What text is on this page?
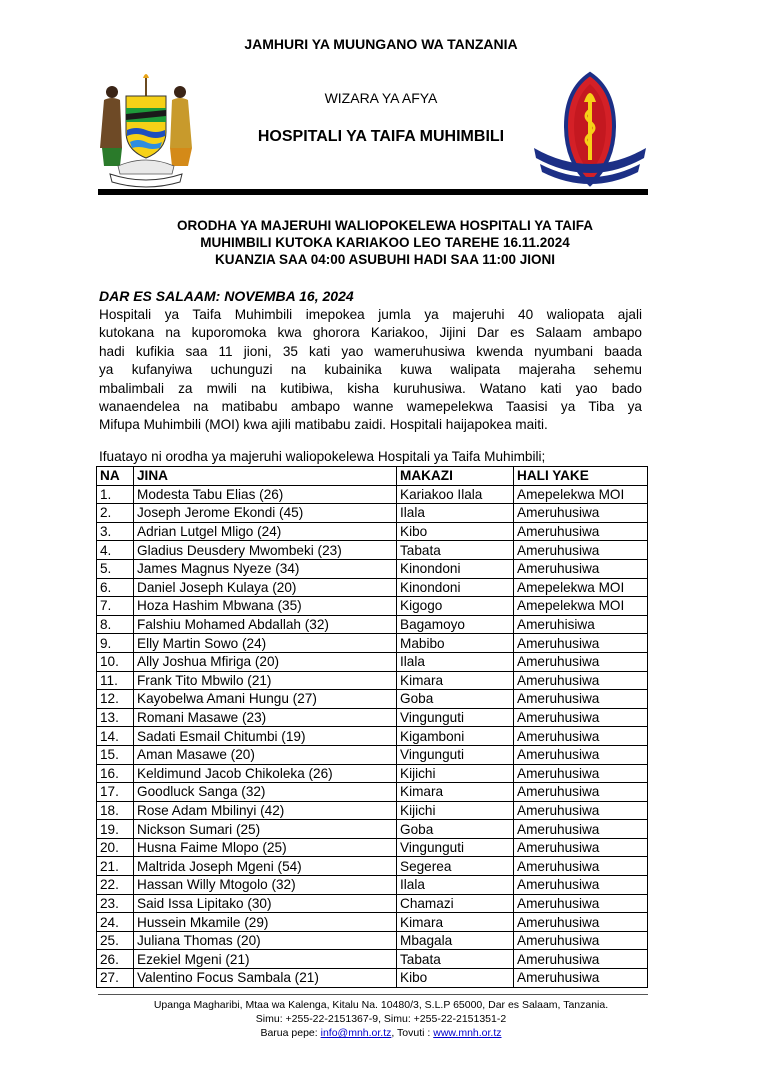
JAMHURI YA MUUNGANO WA TANZANIA
WIZARA YA AFYA
HOSPITALI YA TAIFA MUHIMBILI
ORODHA YA MAJERUHI WALIOPOKELEWA HOSPITALI YA TAIFA
MUHIMBILI KUTOKA KARIAKOO LEO TAREHE 16.11.2024
KUANZIA SAA 04:00 ASUBUHI HADI SAA 11:00 JIONI
DAR ES SALAAM: NOVEMBA 16, 2024
Hospitali ya Taifa Muhimbili imepokea jumla ya majeruhi 40 waliopata ajali
kutokana na kuporomoka kwa ghorora Kariakoo, Jijini Dar es Salaam ambapo
hadi kufikia saa 11 jioni, 35 kati yao wameruhusiwa kwenda nyumbani baada
ya kufanyiwa uchunguzi na kubainika kuwa walipata majeraha sehemu
mbalimbali za mwili na kutibiwa, kisha kuruhusiwa. Watano kati yao bado
wanaendelea na matibabu ambapo wanne wamepelekwa Taasisi ya Tiba ya
Mifupa Muhimbili (MOI) kwa ajili matibabu zaidi. Hospitali haijapokea maiti.
Ifuatayo ni orodha ya majeruhi waliopokelewa Hospitali ya Taifa Muhimbili;
NA	JINA	MAKAZI	HALI YAKE
1.	Modesta Tabu Elias (26)	Kariakoo Ilala	Amepelekwa MOI
2.	Joseph Jerome Ekondi (45)	Ilala	Ameruhusiwa
3.	Adrian Lutgel Mligo (24)	Kibo	Ameruhusiwa
4.	Gladius Deusdery Mwombeki (23)	Tabata	Ameruhusiwa
5.	James Magnus Nyeze (34)	Kinondoni	Ameruhusiwa
6.	Daniel Joseph Kulaya (20)	Kinondoni	Amepelekwa MOI
7.	Hoza Hashim Mbwana (35)	Kigogo	Amepelekwa MOI
8.	Falshiu Mohamed Abdallah (32)	Bagamoyo	Ameruhisiwa
9.	Elly Martin Sowo (24)	Mabibo	Ameruhusiwa
10.	Ally Joshua Mfiriga (20)	Ilala	Ameruhusiwa
11.	Frank Tito Mbwilo (21)	Kimara	Ameruhusiwa
12.	Kayobelwa Amani Hungu (27)	Goba	Ameruhusiwa
13.	Romani Masawe (23)	Vingunguti	Ameruhusiwa
14.	Sadati Esmail Chitumbi (19)	Kigamboni	Ameruhusiwa
15.	Aman Masawe (20)	Vingunguti	Ameruhusiwa
16.	Keldimund Jacob Chikoleka (26)	Kijichi	Ameruhusiwa
17.	Goodluck Sanga (32)	Kimara	Ameruhusiwa
18.	Rose Adam Mbilinyi (42)	Kijichi	Ameruhusiwa
19.	Nickson Sumari (25)	Goba	Ameruhusiwa
20.	Husna Faime Mlopo (25)	Vingunguti	Ameruhusiwa
21.	Maltrida Joseph Mgeni (54)	Segerea	Ameruhusiwa
22.	Hassan Willy Mtogolo (32)	Ilala	Ameruhusiwa
23.	Said Issa Lipitako (30)	Chamazi	Ameruhusiwa
24.	Hussein Mkamile (29)	Kimara	Ameruhusiwa
25.	Juliana Thomas (20)	Mbagala	Ameruhusiwa
26.	Ezekiel Mgeni (21)	Tabata	Ameruhusiwa
27.	Valentino Focus Sambala (21)	Kibo	Ameruhusiwa
Upanga Magharibi, Mtaa wa Kalenga, Kitalu Na. 10480/3, S.L.P 65000, Dar es Salaam, Tanzania.
Simu: +255-22-2151367-9, Simu: +255-22-2151351-2
Barua pepe: info@mnh.or.tz, Tovuti : www.mnh.or.tz
